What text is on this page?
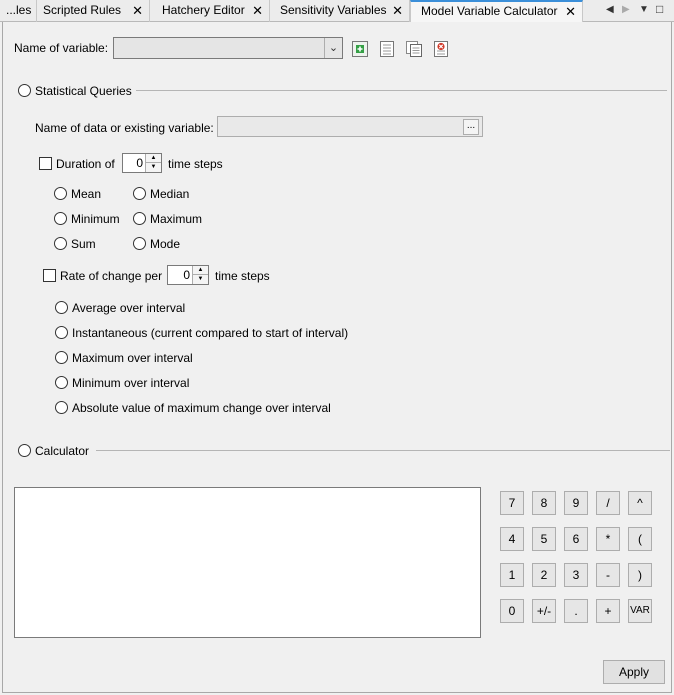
...les Scripted Rules ✕	Hatchery Editor ✕	Sensitivity Variables ✕	Model Variable Calculator ✕	◀ ▶ ▼ □
Name of variable:	⌄
Statistical Queries
Name of data or existing variable:	...
Duration of 0	▲
▼ time steps
Mean	Median
Minimum	Maximum
Sum	Mode
Rate of change per 0	▲
▼ time steps
Average over interval
Instantaneous (current compared to start of interval)
Maximum over interval
Minimum over interval
Absolute value of maximum change over interval
Calculator
7	8	9	/	^
4	5	6	*	(
1	2	3	-	)
0	+/-	.	+	VAR
Apply
